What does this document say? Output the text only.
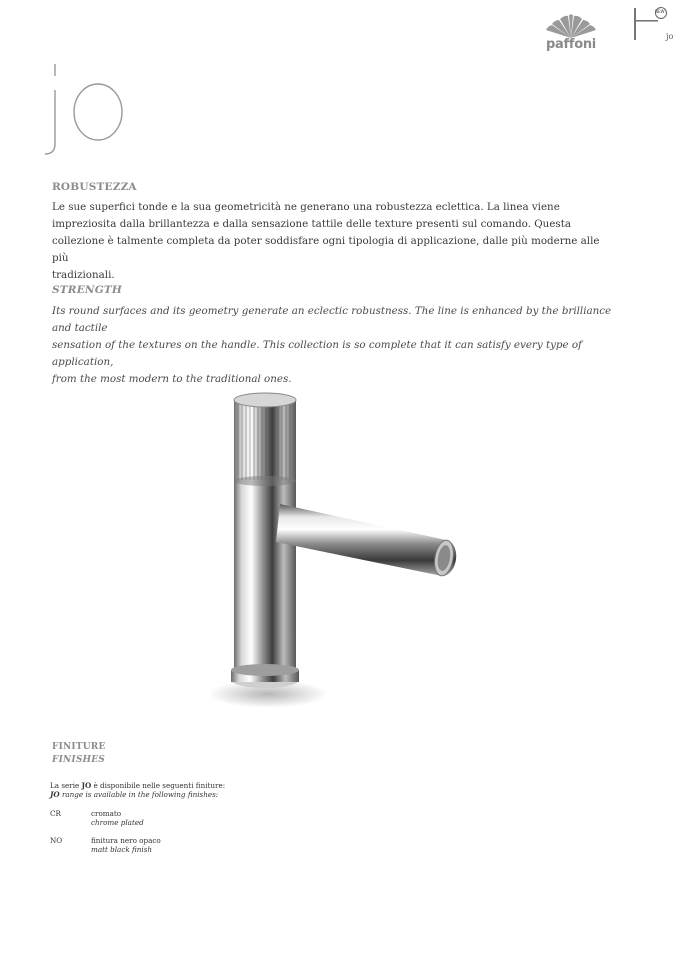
paffoni
NEW
jo
ROBUSTEZZA
Le sue superfici tonde e la sua geometricità ne generano una robustezza eclettica. La linea viene
impreziosita dalla brillantezza e dalla sensazione tattile delle texture presenti sul comando. Questa
collezione è talmente completa da poter soddisfare ogni tipologia di applicazione, dalle più moderne alle più
tradizionali.
STRENGTH
Its round surfaces and its geometry generate an eclectic robustness. The line is enhanced by the brilliance and tactile
sensation of the textures on the handle. This collection is so complete that it can satisfy every type of application,
from the most modern to the traditional ones.
FINITURE
FINISHES
La serie JO è disponibile nelle seguenti finiture:
JO range is available in the following finishes:
CR	cromato
chrome plated
NO	finitura nero opaco
matt black finish
